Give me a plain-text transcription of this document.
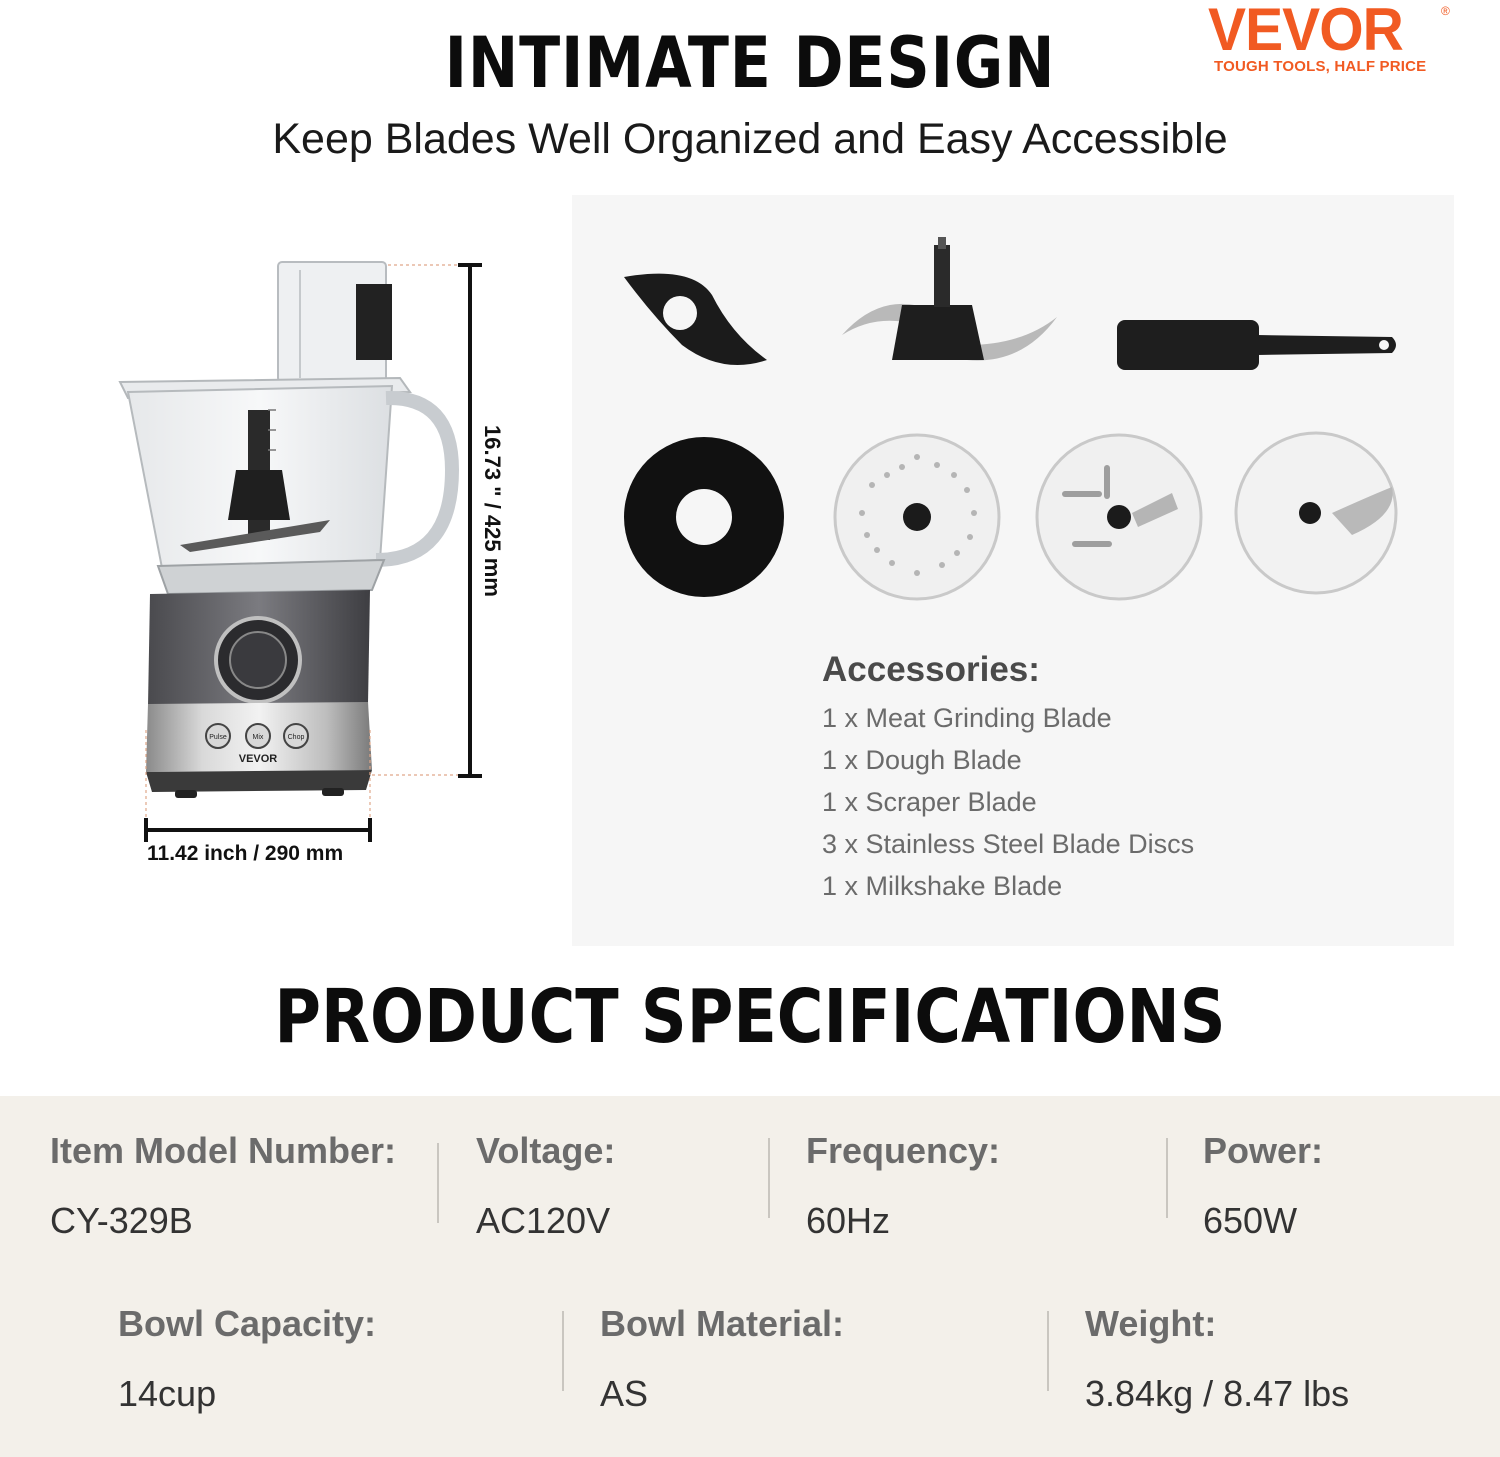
INTIMATE DESIGN
Keep Blades Well Organized and Easy Accessible
VEVOR	®
TOUGH TOOLS, HALF PRICE
VEVOR
16.73 " / 425 mm
11.42 inch / 290 mm
Pulse	Mix	Chop
Accessories:
1 x Meat Grinding Blade
1 x Dough Blade
1 x Scraper Blade
3 x Stainless Steel Blade Discs
1 x Milkshake Blade
PRODUCT SPECIFICATIONS
Item Model Number:
CY-329B
Voltage:
AC120V
Frequency:
60Hz
Power:
650W
Bowl Capacity:
14cup
Bowl Material:
AS
Weight:
3.84kg / 8.47 lbs
